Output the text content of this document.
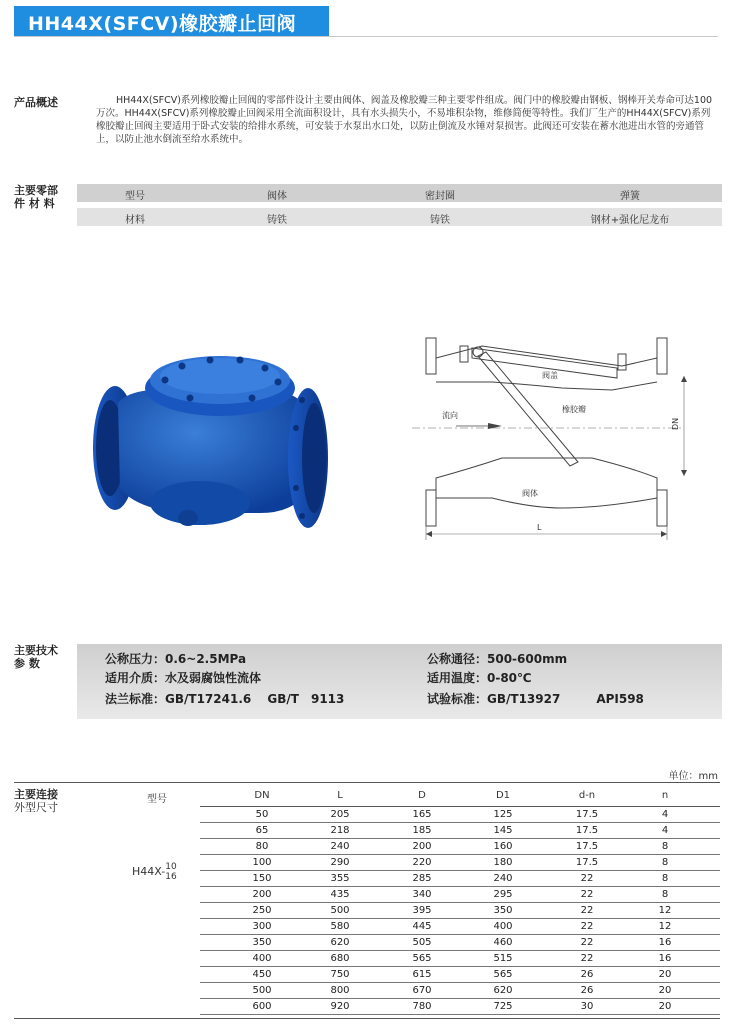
HH44X(SFCV)橡胶瓣止回阀
产品概述	HH44X(SFCV)系列橡胶瓣止回阀的零部件设计主要由阀体、阀盖及橡胶瓣三种主要零件组成。阀门中的橡胶瓣由钢板、钢棒开关寿命可达100万次。HH44X(SFCV)系列橡胶瓣止回阀采用全流面积设计，具有水头损失小，不易堆积杂物，维修简便等特性。我们厂生产的HH44X(SFCV)系列橡胶瓣止回阀主要适用于卧式安装的给排水系统，可安装于水泵出水口处，以防止倒流及水锤对泵损害。此阀还可安装在蓄水池进出水管的旁通管上，以防止池水倒流至给水系统中。

主要零部
件 材 料
型号	阀体	密封圈	弹簧
材料	铸铁	铸铁	钢材+强化尼龙布
阀盖
橡胶瓣
流向
阀体
L
DN
主要技术
参 数	公称压力：0.6~2.5MPa
适用介质：水及弱腐蚀性流体
法兰标准：GB/T17241.6　 GB/T　9113
公称通径：500-600mm
适用温度：0-80℃
试验标准：GB/T13927　　　API598
单位：mm
主要连接
外型尺寸
型号	DN	L	D	D1	d-n	n
H44X- 10
16
50	205	165	125	17.5	4
65	218	185	145	17.5	4
80	240	200	160	17.5	8
100	290	220	180	17.5	8
150	355	285	240	22	8
200	435	340	295	22	8
250	500	395	350	22	12
300	580	445	400	22	12
350	620	505	460	22	16
400	680	565	515	22	16
450	750	615	565	26	20
500	800	670	620	26	20
600	920	780	725	30	20
